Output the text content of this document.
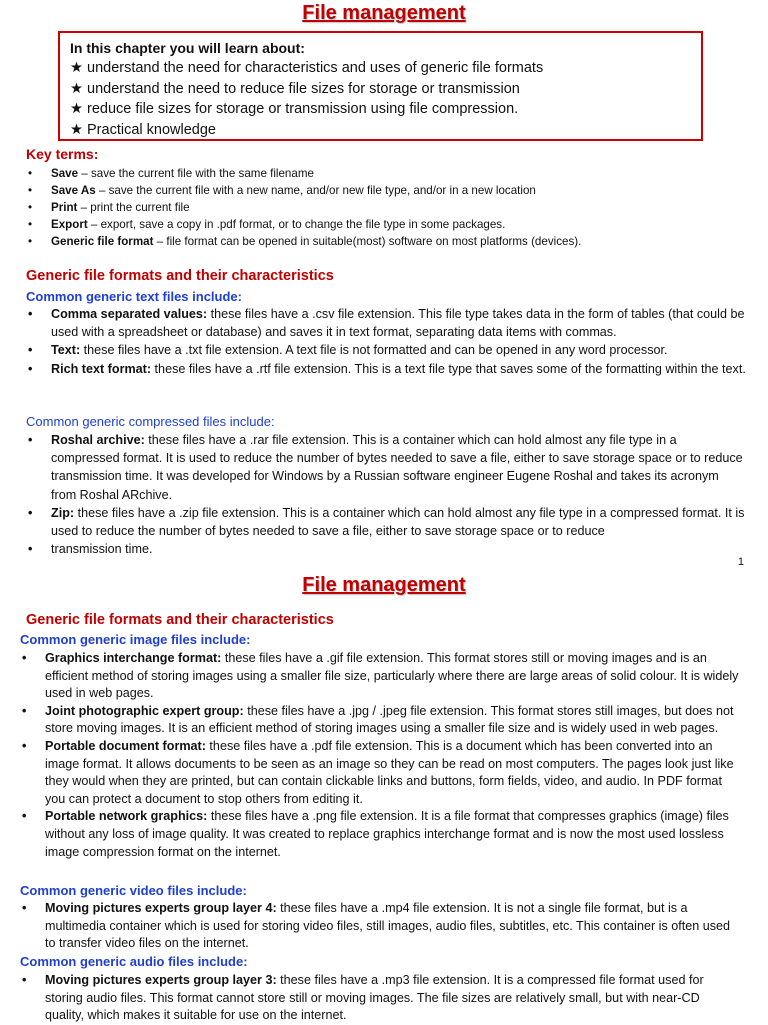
File management
In this chapter you will learn about:
★ understand the need for characteristics and uses of generic file formats
★ understand the need to reduce file sizes for storage or transmission
★ reduce file sizes for storage or transmission using file compression.
★ Practical knowledge
Key terms:
• Save – save the current file with the same filename
• Save As – save the current file with a new name, and/or new file type, and/or in a new location
• Print – print the current file
• Export – export, save a copy in .pdf format, or to change the file type in some packages.
• Generic file format – file format can be opened in suitable(most) software on most platforms (devices).
Generic file formats and their characteristics
Common generic text files include:
• Comma separated values: these files have a .csv file extension. This file type takes data in the form of tables (that could be used with a spreadsheet or database) and saves it in text format, separating data items with commas.
• Text: these files have a .txt file extension. A text file is not formatted and can be opened in any word processor.
• Rich text format: these files have a .rtf file extension. This is a text file type that saves some of the formatting within the text.
Common generic compressed files include:
• Roshal archive: these files have a .rar file extension. This is a container which can hold almost any file type in a compressed format. It is used to reduce the number of bytes needed to save a file, either to save storage space or to reduce transmission time. It was developed for Windows by a Russian software engineer Eugene Roshal and takes its acronym from Roshal ARchive.
• Zip: these files have a .zip file extension. This is a container which can hold almost any file type in a compressed format. It is used to reduce the number of bytes needed to save a file, either to save storage space or to reduce
• transmission time.
1
File management
Generic file formats and their characteristics
Common generic image files include:
• Graphics interchange format: these files have a .gif file extension. This format stores still or moving images and is an efficient method of storing images using a smaller file size, particularly where there are large areas of solid colour. It is widely used in web pages.
• Joint photographic expert group: these files have a .jpg / .jpeg file extension. This format stores still images, but does not store moving images. It is an efficient method of storing images using a smaller file size and is widely used in web pages.
• Portable document format: these files have a .pdf file extension. This is a document which has been converted into an image format. It allows documents to be seen as an image so they can be read on most computers. The pages look just like they would when they are printed, but can contain clickable links and buttons, form fields, video, and audio. In PDF format you can protect a document to stop others from editing it.
• Portable network graphics: these files have a .png file extension. It is a file format that compresses graphics (image) files without any loss of image quality. It was created to replace graphics interchange format and is now the most used lossless image compression format on the internet.
Common generic video files include:
• Moving pictures experts group layer 4: these files have a .mp4 file extension. It is not a single file format, but is a multimedia container which is used for storing video files, still images, audio files, subtitles, etc. This container is often used to transfer video files on the internet.
Common generic audio files include:
• Moving pictures experts group layer 3: these files have a .mp3 file extension. It is a compressed file format used for storing audio files. This format cannot store still or moving images. The file sizes are relatively small, but with near-CD quality, which makes it suitable for use on the internet.
